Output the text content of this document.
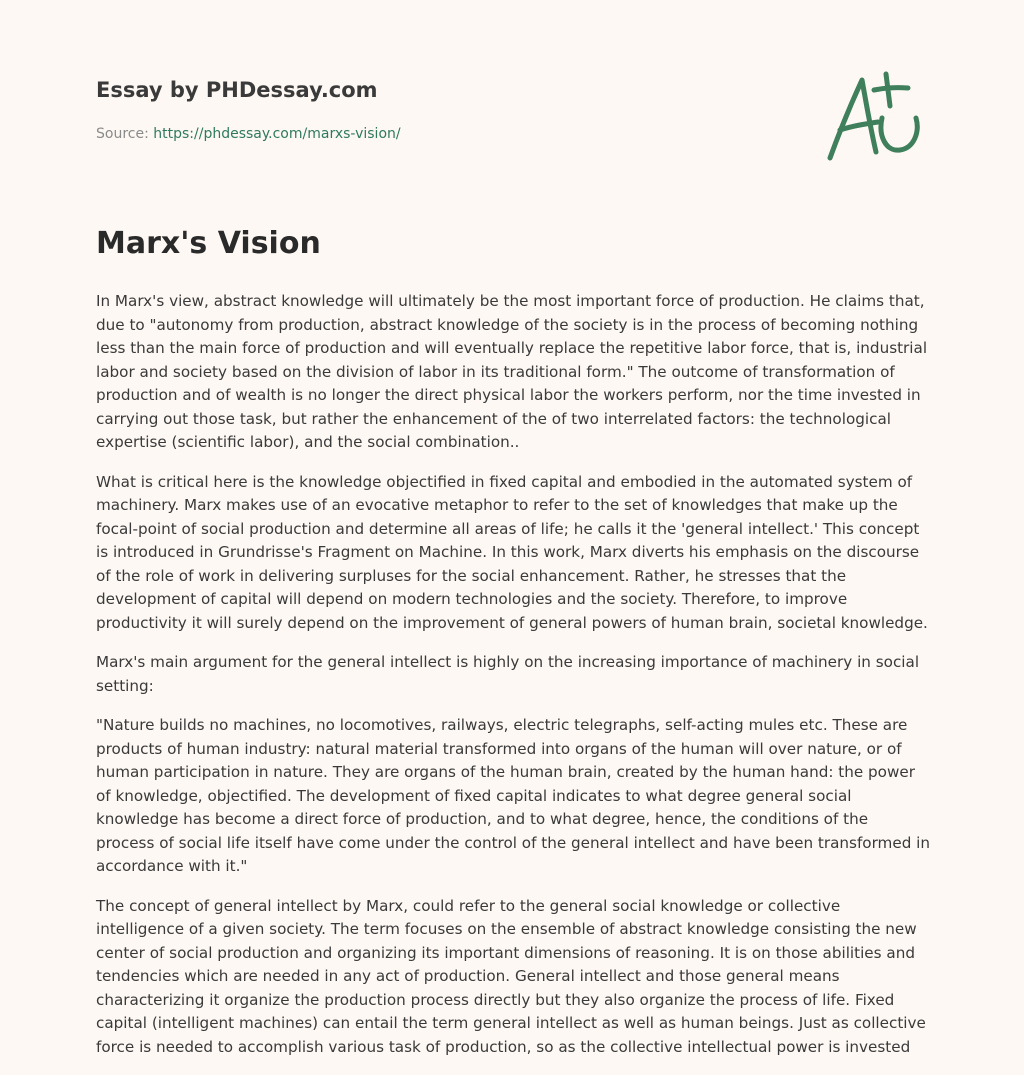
Essay by PHDessay.com
Source: https://phdessay.com/marxs-vision/
Marx's Vision

In Marx's view, abstract knowledge will ultimately be the most important force of production. He claims that, due to "autonomy from production, abstract knowledge of the society is in the process of becoming nothing less than the main force of production and will eventually replace the repetitive labor force, that is, industrial labor and society based on the division of labor in its traditional form." The outcome of transformation of production and of wealth is no longer the direct physical labor the workers perform, nor the time invested in carrying out those task, but rather the enhancement of the of two interrelated factors: the technological expertise (scientific labor), and the social combination..

What is critical here is the knowledge objectified in fixed capital and embodied in the automated system of machinery. Marx makes use of an evocative metaphor to refer to the set of knowledges that make up the focal-point of social production and determine all areas of life; he calls it the 'general intellect.' This concept is introduced in Grundrisse's Fragment on Machine. In this work, Marx diverts his emphasis on the discourse of the role of work in delivering surpluses for the social enhancement. Rather, he stresses that the development of capital will depend on modern technologies and the society. Therefore, to improve productivity it will surely depend on the improvement of general powers of human brain, societal knowledge.

Marx's main argument for the general intellect is highly on the increasing importance of machinery in social setting:

"Nature builds no machines, no locomotives, railways, electric telegraphs, self-acting mules etc. These are products of human industry: natural material transformed into organs of the human will over nature, or of human participation in nature. They are organs of the human brain, created by the human hand: the power of knowledge, objectified. The development of fixed capital indicates to what degree general social knowledge has become a direct force of production, and to what degree, hence, the conditions of the process of social life itself have come under the control of the general intellect and have been transformed in accordance with it."

The concept of general intellect by Marx, could refer to the general social knowledge or collective intelligence of a given society. The term focuses on the ensemble of abstract knowledge consisting the new center of social production and organizing its important dimensions of reasoning. It is on those abilities and tendencies which are needed in any act of production. General intellect and those general means characterizing it organize the production process directly but they also organize the process of life. Fixed capital (intelligent machines) can entail the term general intellect as well as human beings. Just as collective force is needed to accomplish various task of production, so as the collective intellectual power is invested
